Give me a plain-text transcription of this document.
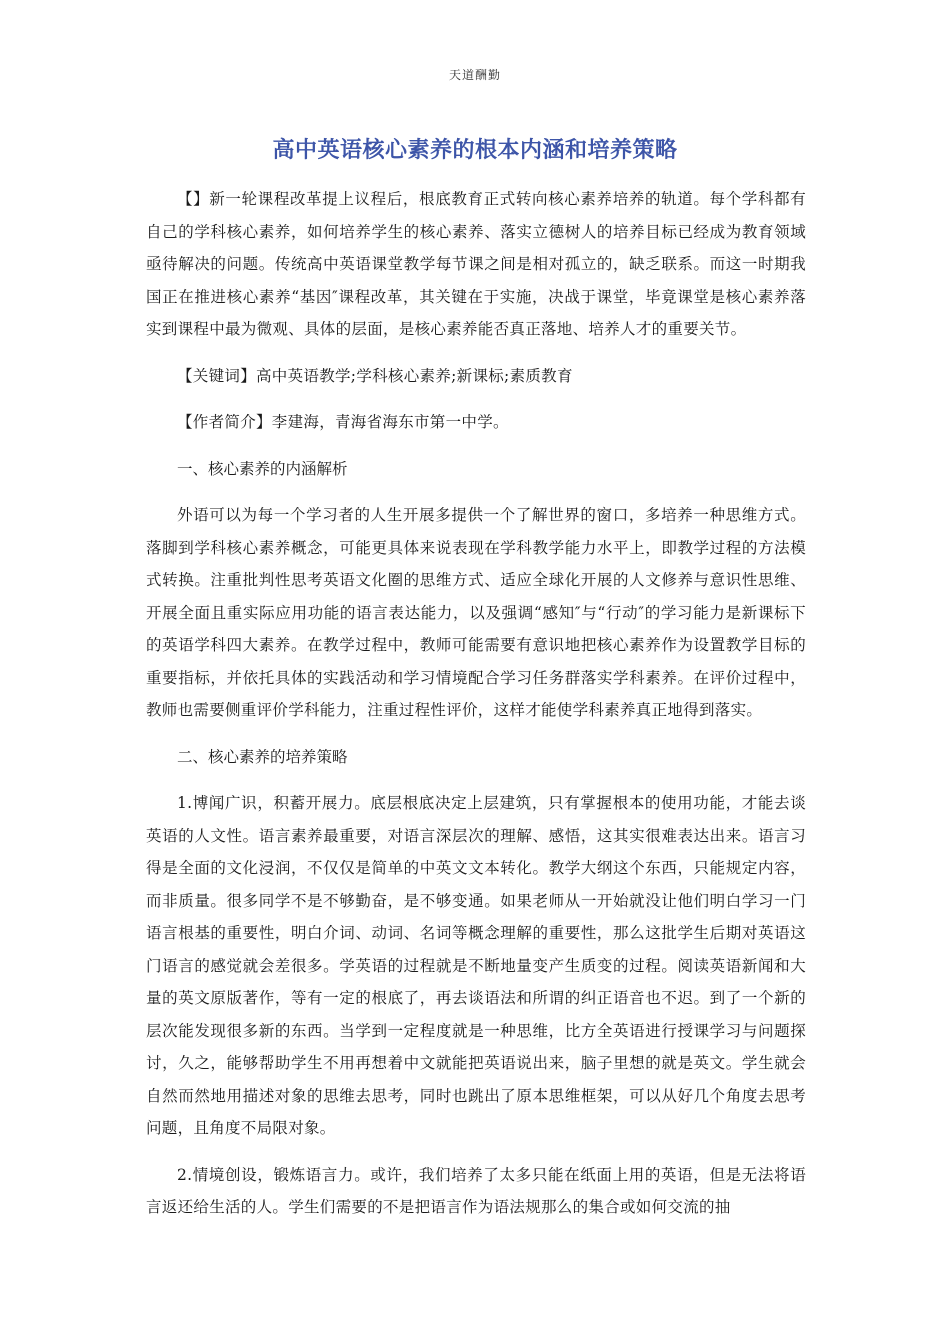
天道酬勤
高中英语核心素养的根本内涵和培养策略

【】新一轮课程改革提上议程后，根底教育正式转向核心素养培养的轨道。每个学科都有自己的学科核心素养，如何培养学生的核心素养、落实立德树人的培养目标已经成为教育领域亟待解决的问题。传统高中英语课堂教学每节课之间是相对孤立的，缺乏联系。而这一时期我国正在推进核心素养“基因″课程改革，其关键在于实施，决战于课堂，毕竟课堂是核心素养落实到课程中最为微观、具体的层面，是核心素养能否真正落地、培养人才的重要关节。

【关键词】高中英语教学;学科核心素养;新课标;素质教育

【作者简介】李建海，青海省海东市第一中学。

一、核心素养的内涵解析

外语可以为每一个学习者的人生开展多提供一个了解世界的窗口，多培养一种思维方式。落脚到学科核心素养概念，可能更具体来说表现在学科教学能力水平上，即教学过程的方法模式转换。注重批判性思考英语文化圈的思维方式、适应全球化开展的人文修养与意识性思维、开展全面且重实际应用功能的语言表达能力，以及强调“感知″与“行动″的学习能力是新课标下的英语学科四大素养。在教学过程中，教师可能需要有意识地把核心素养作为设置教学目标的重要指标，并依托具体的实践活动和学习情境配合学习任务群落实学科素养。在评价过程中，教师也需要侧重评价学科能力，注重过程性评价，这样才能使学科素养真正地得到落实。

二、核心素养的培养策略

1.博闻广识，积蓄开展力。底层根底决定上层建筑，只有掌握根本的使用功能，才能去谈英语的人文性。语言素养最重要，对语言深层次的理解、感悟，这其实很难表达出来。语言习得是全面的文化浸润，不仅仅是简单的中英文文本转化。教学大纲这个东西，只能规定内容，而非质量。很多同学不是不够勤奋，是不够变通。如果老师从一开始就没让他们明白学习一门语言根基的重要性，明白介词、动词、名词等概念理解的重要性，那么这批学生后期对英语这门语言的感觉就会差很多。学英语的过程就是不断地量变产生质变的过程。阅读英语新闻和大量的英文原版著作，等有一定的根底了，再去谈语法和所谓的纠正语音也不迟。到了一个新的层次能发现很多新的东西。当学到一定程度就是一种思维，比方全英语进行授课学习与问题探讨，久之，能够帮助学生不用再想着中文就能把英语说出来，脑子里想的就是英文。学生就会自然而然地用描述对象的思维去思考，同时也跳出了原本思维框架，可以从好几个角度去思考问题，且角度不局限对象。

2.情境创设，锻炼语言力。或许，我们培养了太多只能在纸面上用的英语，但是无法将语言返还给生活的人。学生们需要的不是把语言作为语法规那么的集合或如何交流的抽
